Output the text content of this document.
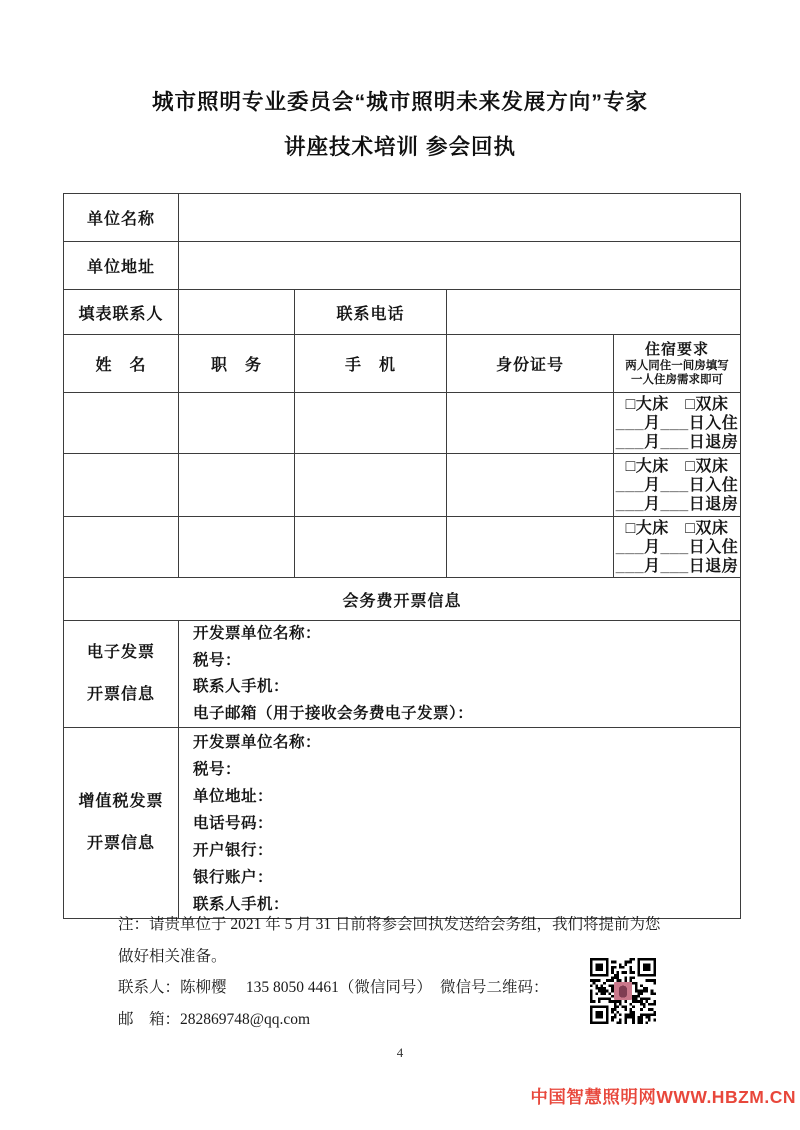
城市照明专业委员会“城市照明未来发展方向”专家
讲座技术培训 参会回执
单位名称				
单位地址				
填表联系人		联系电话		
姓　名	职　务	手　机	身份证号	住宿要求
两人同住一间房填写
一人住房需求即可

				□大床　□双床
___月___日入住
___月___日退房

				□大床　□双床
___月___日入住
___月___日退房

				□大床　□双床
___月___日入住
___月___日退房

会务费开票信息				

电子发票
开票信息

开发票单位名称：
税号：
联系人手机：
电子邮箱（用于接收会务费电子发票）：

增值税发票
开票信息

开发票单位名称：
税号：
单位地址：
电话号码：
开户银行：
银行账户：
联系人手机：
注：请贵单位于 2021 年 5 月 31 日前将参会回执发送给会务组，我们将提前为您
做好相关准备。
联系人：陈柳樱　 135 8050 4461（微信同号） 微信号二维码：
邮　箱：282869748@qq.com
4
中国智慧照明网WWW.HBZM.CN
